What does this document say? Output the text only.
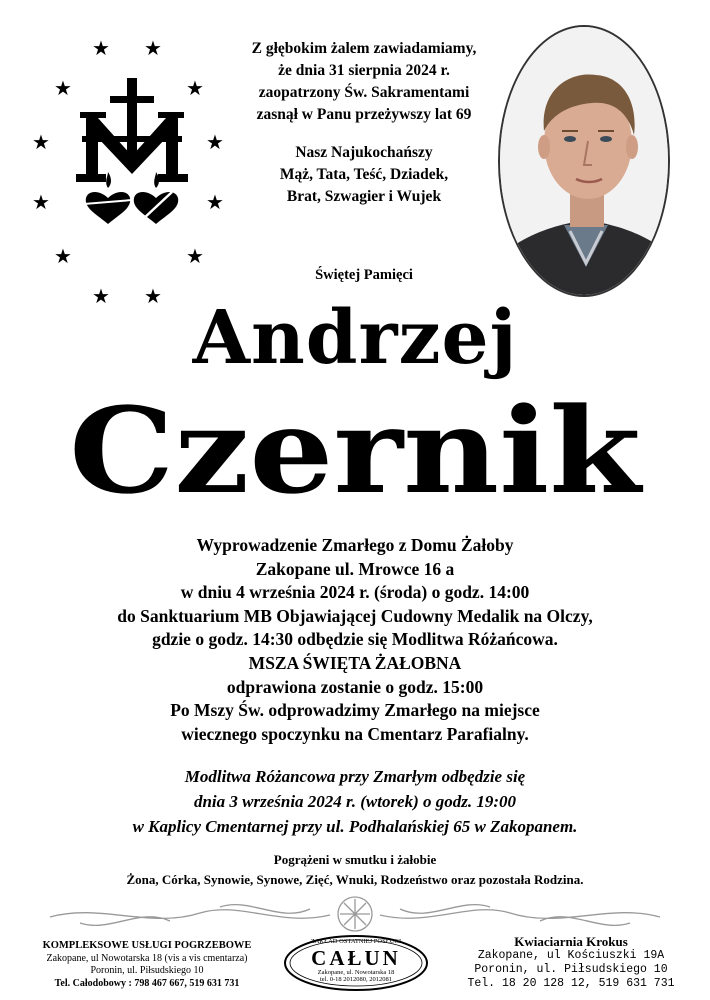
★ ★
★	★
★	★
★	★
★	★
★ ★
Z głębokim żalem zawiadamiamy,
że dnia 31 sierpnia 2024 r.
zaopatrzony Św. Sakramentami
zasnął w Panu przeżywszy lat 69
Nasz Najukochańszy
Mąż, Tata, Teść, Dziadek,
Brat, Szwagier i Wujek
Świętej Pamięci
Andrzej
Czernik
Wyprowadzenie Zmarłego z Domu Żałoby
Zakopane ul. Mrowce 16 a
w dniu 4 września 2024 r. (środa) o godz. 14:00
do Sanktuarium MB Objawiającej Cudowny Medalik na Olczy,
gdzie o godz. 14:30 odbędzie się Modlitwa Różańcowa.
MSZA ŚWIĘTA ŻAŁOBNA
odprawiona zostanie o godz. 15:00
Po Mszy Św. odprowadzimy Zmarłego na miejsce
wiecznego spoczynku na Cmentarz Parafialny.
Modlitwa Różancowa przy Zmarłym odbędzie się
dnia 3 września 2024 r. (wtorek) o godz. 19:00
w Kaplicy Cmentarnej przy ul. Podhalańskiej 65 w Zakopanem.
Pogrążeni w smutku i żałobie
Żona, Córka, Synowie, Synowe, Zięć, Wnuki, Rodzeństwo oraz pozostała Rodzina.
KOMPLEKSOWE USŁUGI POGRZEBOWE
Zakopane, ul Nowotarska 18 (vis a vis cmentarza)
Poronin, ul. Piłsudskiego 10
Tel. Całodobowy : 798 467 667, 519 631 731
ZAKŁAD OSTATNIEJ POSŁUGI
CAŁUN
Zakopane, ul. Nowotarska 18
tel. 0-18 2012080, 2012081
Kwiaciarnia Krokus
Zakopane, ul Kościuszki 19A
Poronin, ul. Piłsudskiego 10
Tel. 18 20 128 12, 519 631 731
